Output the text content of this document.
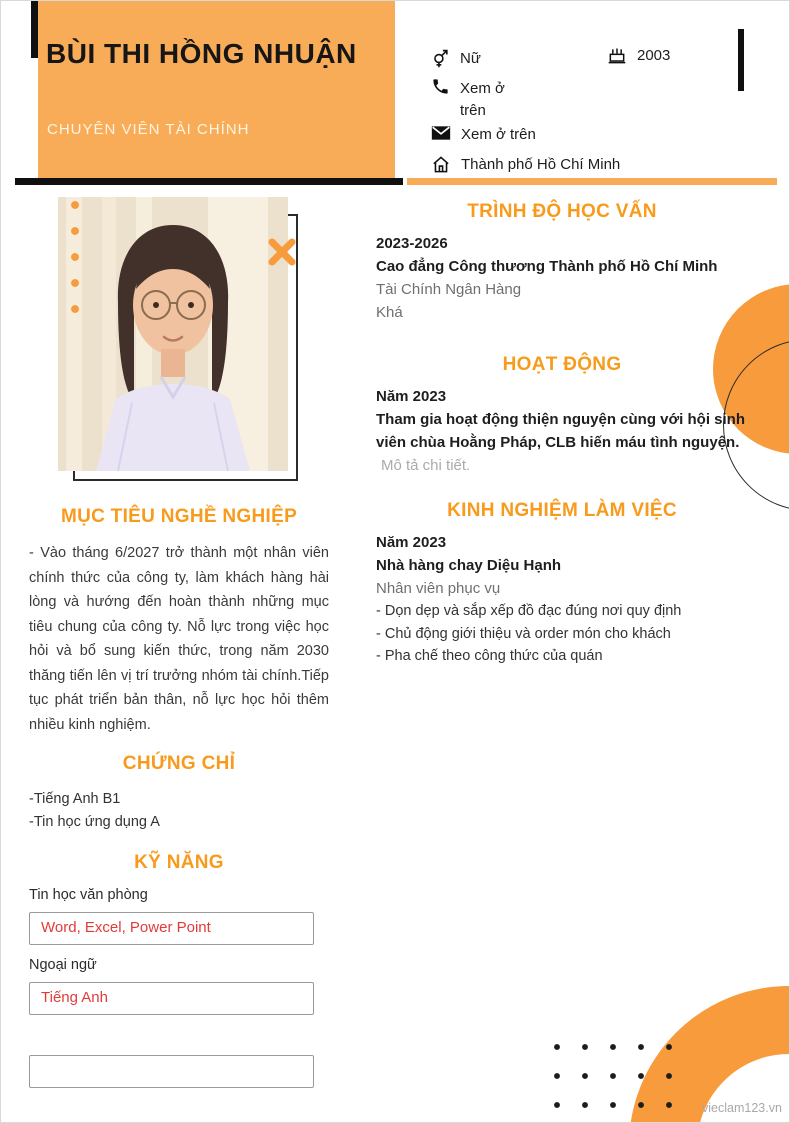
BÙI THI HỒNG NHUẬN
CHUYÊN VIÊN TÀI CHÍNH
Nữ	2003
Xem ở trên
Xem ở trên
Thành phố Hồ Chí Minh
MỤC TIÊU NGHỀ NGHIỆP

- Vào tháng 6/2027 trở thành một nhân viên chính thức của công ty, làm khách hàng hài lòng và hướng đến hoàn thành những mục tiêu chung của công ty. Nỗ lực trong việc học hỏi và bổ sung kiến thức, trong năm 2030 thăng tiến lên vị trí trưởng nhóm tài chính.Tiếp tục phát triển bản thân, nỗ lực học hỏi thêm nhiều kinh nghiệm.

CHỨNG CHỈ
-Tiếng Anh B1
-Tin học ứng dụng A
KỸ NĂNG
Tin học văn phòng
Word, Excel, Power Point
Ngoại ngữ
Tiếng Anh
TRÌNH ĐỘ HỌC VẤN
2023-2026
Cao đẳng Công thương Thành phố Hồ Chí Minh
Tài Chính Ngân Hàng
Khá
HOẠT ĐỘNG
Năm 2023
Tham gia hoạt động thiện nguyện cùng với hội sinh viên chùa Hoằng Pháp, CLB hiến máu tình nguyện.
Mô tả chi tiết.
KINH NGHIỆM LÀM VIỆC
Năm 2023
Nhà hàng chay Diệu Hạnh
Nhân viên phục vụ
- Dọn dẹp và sắp xếp đồ đạc đúng nơi quy định
- Chủ động giới thiệu và order món cho khách
- Pha chế theo công thức của quán
vieclam123.vn
